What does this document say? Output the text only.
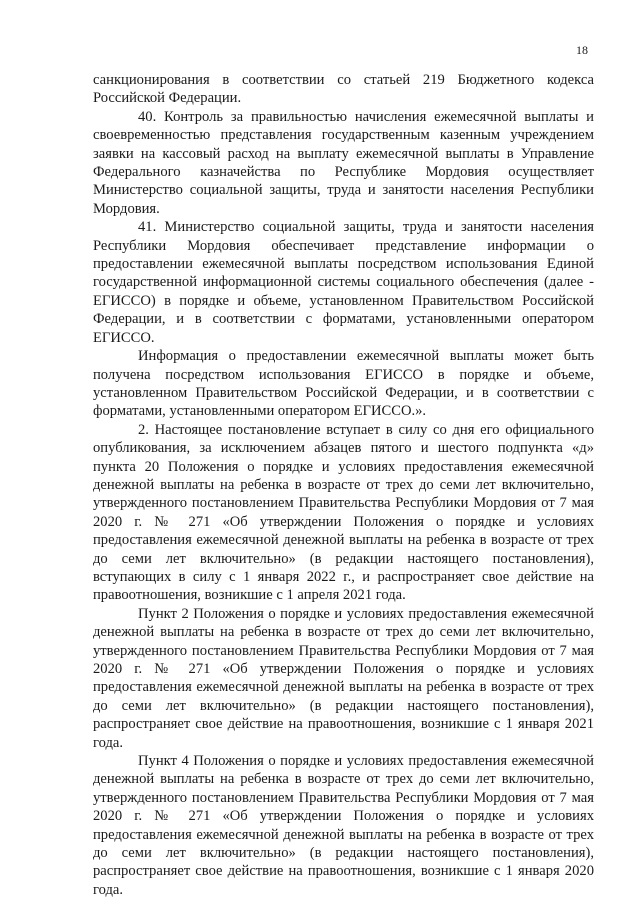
18

санкционирования в соответствии со статьей 219 Бюджетного кодекса Российской Федерации.

40. Контроль за правильностью начисления ежемесячной выплаты и своевременностью представления государственным казенным учреждением заявки на кассовый расход на выплату ежемесячной выплаты в Управление Федерального казначейства по Республике Мордовия осуществляет Министерство социальной защиты, труда и занятости населения Республики Мордовия.

41. Министерство социальной защиты, труда и занятости населения Республики Мордовия обеспечивает представление информации о предоставлении ежемесячной выплаты посредством использования Единой государственной информационной системы социального обеспечения (далее - ЕГИССО) в порядке и объеме, установленном Правительством Российской Федерации, и в соответствии с форматами, установленными оператором ЕГИССО.

Информация о предоставлении ежемесячной выплаты может быть получена посредством использования ЕГИССО в порядке и объеме, установленном Правительством Российской Федерации, и в соответствии с форматами, установленными оператором ЕГИССО.».

2. Настоящее постановление вступает в силу со дня его официального опубликования, за исключением абзацев пятого и шестого подпункта «д» пункта 20 Положения о порядке и условиях предоставления ежемесячной денежной выплаты на ребенка в возрасте от трех до семи лет включительно, утвержденного постановлением Правительства Республики Мордовия от 7 мая 2020 г. № 271 «Об утверждении Положения о порядке и условиях предоставления ежемесячной денежной выплаты на ребенка в возрасте от трех до семи лет включительно» (в редакции настоящего постановления), вступающих в силу с 1 января 2022 г., и распространяет свое действие на правоотношения, возникшие с 1 апреля 2021 года.

Пункт 2 Положения о порядке и условиях предоставления ежемесячной денежной выплаты на ребенка в возрасте от трех до семи лет включительно, утвержденного постановлением Правительства Республики Мордовия от 7 мая 2020 г. № 271 «Об утверждении Положения о порядке и условиях предоставления ежемесячной денежной выплаты на ребенка в возрасте от трех до семи лет включительно» (в редакции настоящего постановления), распространяет свое действие на правоотношения, возникшие с 1 января 2021 года.

Пункт 4 Положения о порядке и условиях предоставления ежемесячной денежной выплаты на ребенка в возрасте от трех до семи лет включительно, утвержденного постановлением Правительства Республики Мордовия от 7 мая 2020 г. № 271 «Об утверждении Положения о порядке и условиях предоставления ежемесячной денежной выплаты на ребенка в возрасте от трех до семи лет включительно» (в редакции настоящего постановления), распространяет свое действие на правоотношения, возникшие с 1 января 2020 года.
